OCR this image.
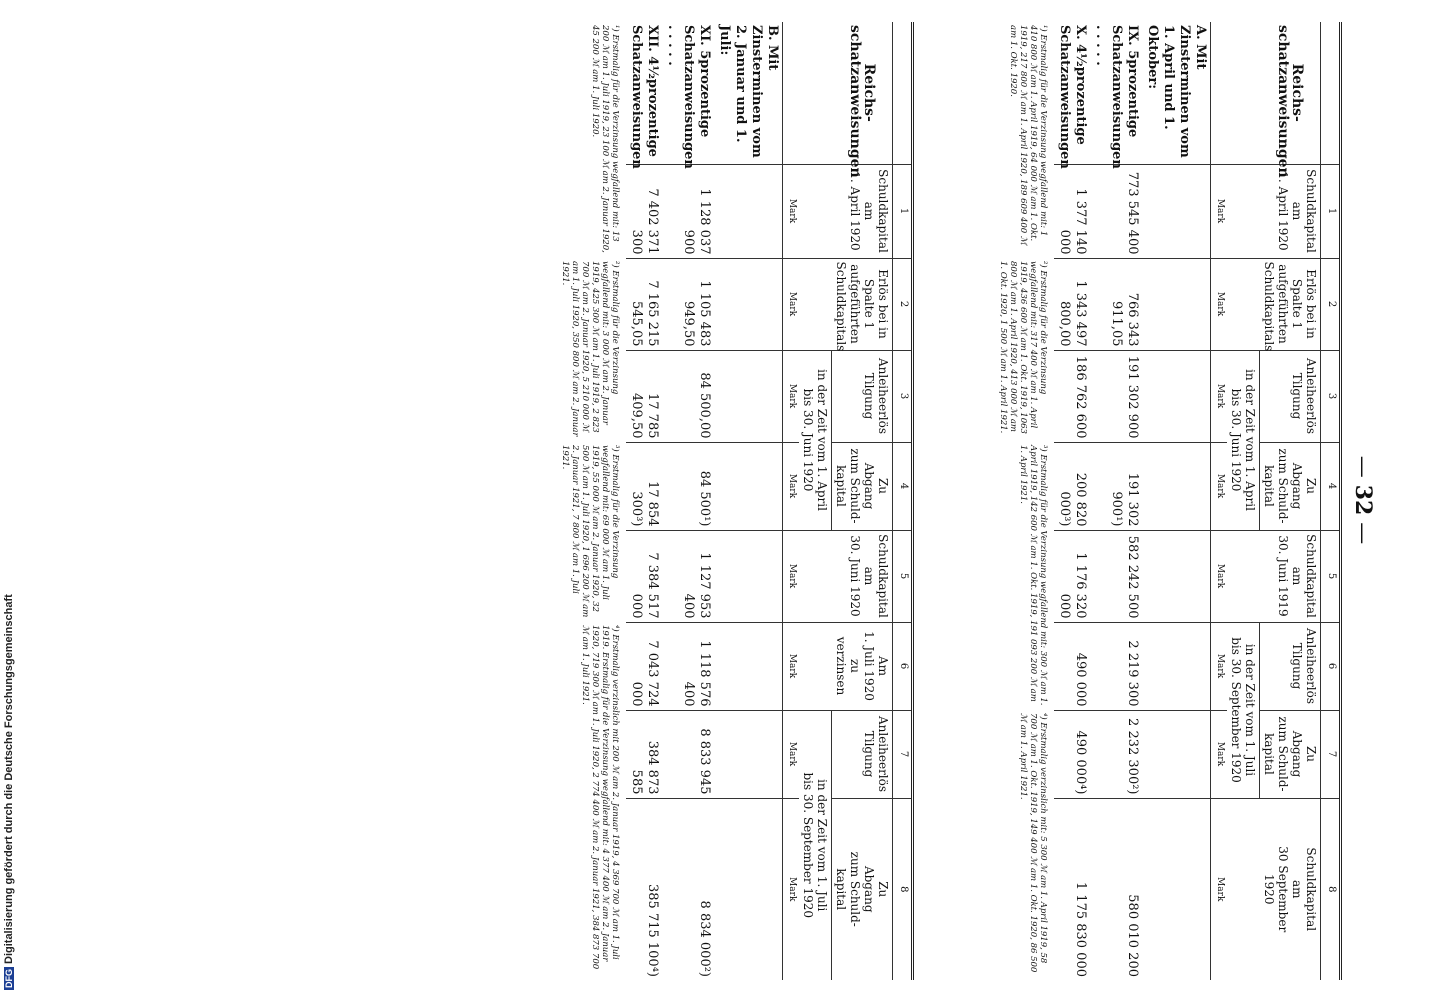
— 32 —
	1	2	3	4	5	6	7	8
Reichs-
schatzanweisungen	Schuldkapital
am
1. April 1920	Erlös bei in
Spalte 1
aufgeführten
Schuldkapitals	Anleiheerlös
Tilgung	Zu
Abgang
zum Schuld-
kapital	Schuldkapital
am
30. Juni 1919	Anleiheerlös
Tilgung	Zu
Abgang
zum Schuld-
kapital	Schuldkapital
am
30 September
1920
			in der Zeit vom 1. April
bis 30. Juni 1920			in der Zeit vom 1. Juli
bis 30. September 1920		
	Mark	Mark	Mark	Mark	Mark	Mark	Mark	Mark
A. Mit Zinsterminen vom 1. April und 1. Oktober:								
IX. 5prozentige Schatzanweisungen . . . . .	773 545 400	766 343 911,05	191 302 900	191 302 900¹)	582 242 500	2 219 300	2 232 300²)	580 010 200
X. 4½prozentige Schatzanweisungen	1 377 140 000	1 343 497 800,00	186 762 600	200 820 000³)	1 176 320 000	490 000	490 000⁴)	1 175 830 000
¹) Erstmalig für die Verzinsung wegfallend mit: 1 410 800 ℳ am 1. April 1919, 64 000 ℳ am 1. Okt. 1919, 217 800 ℳ am 1. April 1920, 189 609 400 ℳ am 1. Okt. 1920.		²) Erstmalig für die Verzinsung wegfallend mit: 317 400 ℳ am 1. April 1919, 436 600 ℳ am 1. Okt. 1919, 1063 800 ℳ am 1. April 1920, 413 000 ℳ am 1. Okt. 1920, 1 500 ℳ am 1. April 1921.		³) Erstmalig für die Verzinsung wegfallend mit: 300 ℳ am 1. April 1919, 142 600 ℳ am 1. Okt. 1919, 191 093 200 ℳ am 1. April 1921.			⁴) Erstmalig verzinslich mit: 5 300 ℳ am 1. April 1919, 58 700 ℳ am 1. Okt. 1919, 149 400 ℳ am 1. Okt. 1920, 86 500 ℳ am 1. April 1921.	
	1	2	3	4	5	6	7	8
Reichs-
schatzanweisungen	Schuldkapital
am
1. April 1920	Erlös bei in
Spalte 1
aufgeführten
Schuldkapitals	Anleiheerlös
Tilgung	Zu
Abgang
zum Schuld-
kapital	Schuldkapital
am
30. Juni 1920	Am
1. Juli 1920
zu
verzinsen	Anleiheerlös
Tilgung	Zu
Abgang
zum Schuld-
kapital
			in der Zeit vom 1. April
bis 30. Juni 1920				in der Zeit vom 1. Juli
bis 30. September 1920	
	Mark	Mark	Mark	Mark	Mark	Mark	Mark	Mark
B. Mit Zinsterminen vom 2. Januar und 1. Juli:								
XI. 5prozentige Schatzanweisungen . . . . .	1 128 037 900	1 105 483 949,50	84 500,00	84 500¹)	1 127 953 400	1 118 576 400	8 833 945	8 834 000²)
XII. 4½prozentige Schatzanweisungen	7 402 371 300	7 165 215 545,05	17 785 409,50	17 854 300³)	7 384 517 000	7 043 724 000	384 873 585	385 715 100⁴)
¹) Erstmalig für die Verzinsung wegfallend mit: 13 200 ℳ am 1. Juli 1919, 23 100 ℳ am 2. Januar 1920, 45 200 ℳ am 1. Juli 1920.		²) Erstmalig für die Verzinsung wegfallend mit: 3 000 ℳ am 2. Januar 1919, 425 300 ℳ am 1. Juli 1919, 2 823 700 ℳ am 2. Januar 1920, 5 210 000 ℳ am 1. Juli 1920, 350 800 ℳ am 2. Januar 1921.		³) Erstmalig für die Verzinsung wegfallend mit: 69 000 ℳ am 1. Juli 1919, 55 000 ℳ am 2. Januar 1920, 32 500 ℳ am 1. Juli 1920, 1 696 200 ℳ am 2. Januar 1921, 7 800 ℳ am 1. Juli 1921.		⁴) Erstmalig verzinslich mit 200 ℳ am 2. Januar 1919, 4 369 700 ℳ am 1. Juli 1919. Erstmalig für die Verzinsung wegfallend mit: 4 377 400 ℳ am 2. Januar 1920, 719 300 ℳ am 1. Juli 1920, 2 774 400 ℳ am 2. Januar 1921, 384 873 700 ℳ am 1. Juli 1921.		
DFGDigitalisierung gefördert durch die Deutsche Forschungsgemeinschaft
